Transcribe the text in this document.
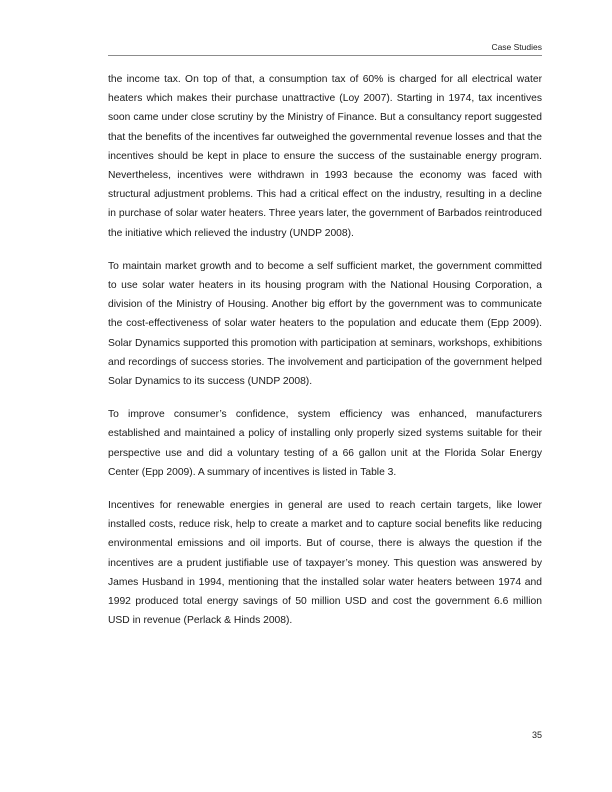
Case Studies

the income tax. On top of that, a consumption tax of 60% is charged for all electrical water heaters which makes their purchase unattractive (Loy 2007). Starting in 1974, tax incentives soon came under close scrutiny by the Ministry of Finance. But a consultancy report suggested that the benefits of the incentives far outweighed the governmental revenue losses and that the incentives should be kept in place to ensure the success of the sustainable energy program. Nevertheless, incentives were withdrawn in 1993 because the economy was faced with structural adjustment problems. This had a critical effect on the industry, resulting in a decline in purchase of solar water heaters. Three years later, the government of Barbados reintroduced the initiative which relieved the industry (UNDP 2008).

To maintain market growth and to become a self sufficient market, the government committed to use solar water heaters in its housing program with the National Housing Corporation, a division of the Ministry of Housing. Another big effort by the government was to communicate the cost-effectiveness of solar water heaters to the population and educate them (Epp 2009). Solar Dynamics supported this promotion with participation at seminars, workshops, exhibitions and recordings of success stories. The involvement and participation of the government helped Solar Dynamics to its success (UNDP 2008).

To improve consumer’s confidence, system efficiency was enhanced, manufacturers established and maintained a policy of installing only properly sized systems suitable for their perspective use and did a voluntary testing of a 66 gallon unit at the Florida Solar Energy Center (Epp 2009). A summary of incentives is listed in Table 3.

Incentives for renewable energies in general are used to reach certain targets, like lower installed costs, reduce risk, help to create a market and to capture social benefits like reducing environmental emissions and oil imports. But of course, there is always the question if the incentives are a prudent justifiable use of taxpayer’s money. This question was answered by James Husband in 1994, mentioning that the installed solar water heaters between 1974 and 1992 produced total energy savings of 50 million USD and cost the government 6.6 million USD in revenue (Perlack & Hinds 2008).

35
